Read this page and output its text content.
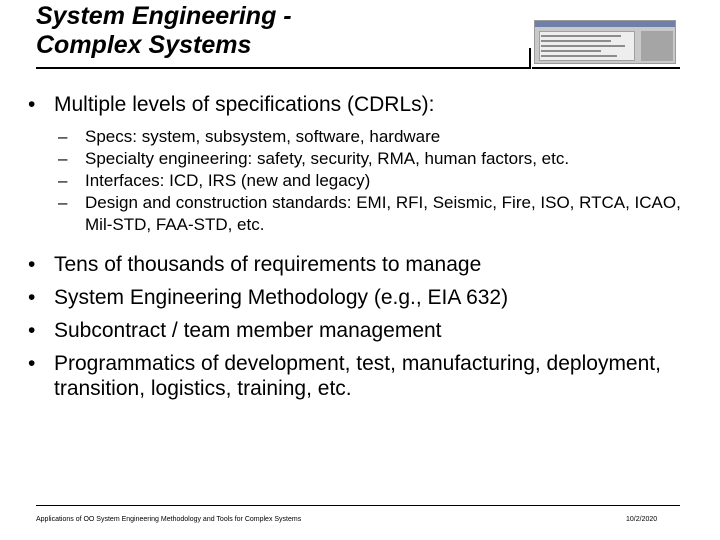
System Engineering -
Complex Systems
• Multiple levels of specifications (CDRLs):
– Specs: system, subsystem, software, hardware
– Specialty engineering: safety, security, RMA, human factors, etc.
– Interfaces: ICD, IRS (new and legacy)
– Design and construction standards: EMI, RFI, Seismic, Fire, ISO, RTCA, ICAO, Mil-STD, FAA-STD, etc.
• Tens of thousands of requirements to manage
• System Engineering Methodology (e.g., EIA 632)
• Subcontract / team member management
• Programmatics of development, test, manufacturing, deployment, transition, logistics, training, etc.
Applications of OO System Engineering Methodology and Tools for Complex Systems	10/2/2020
